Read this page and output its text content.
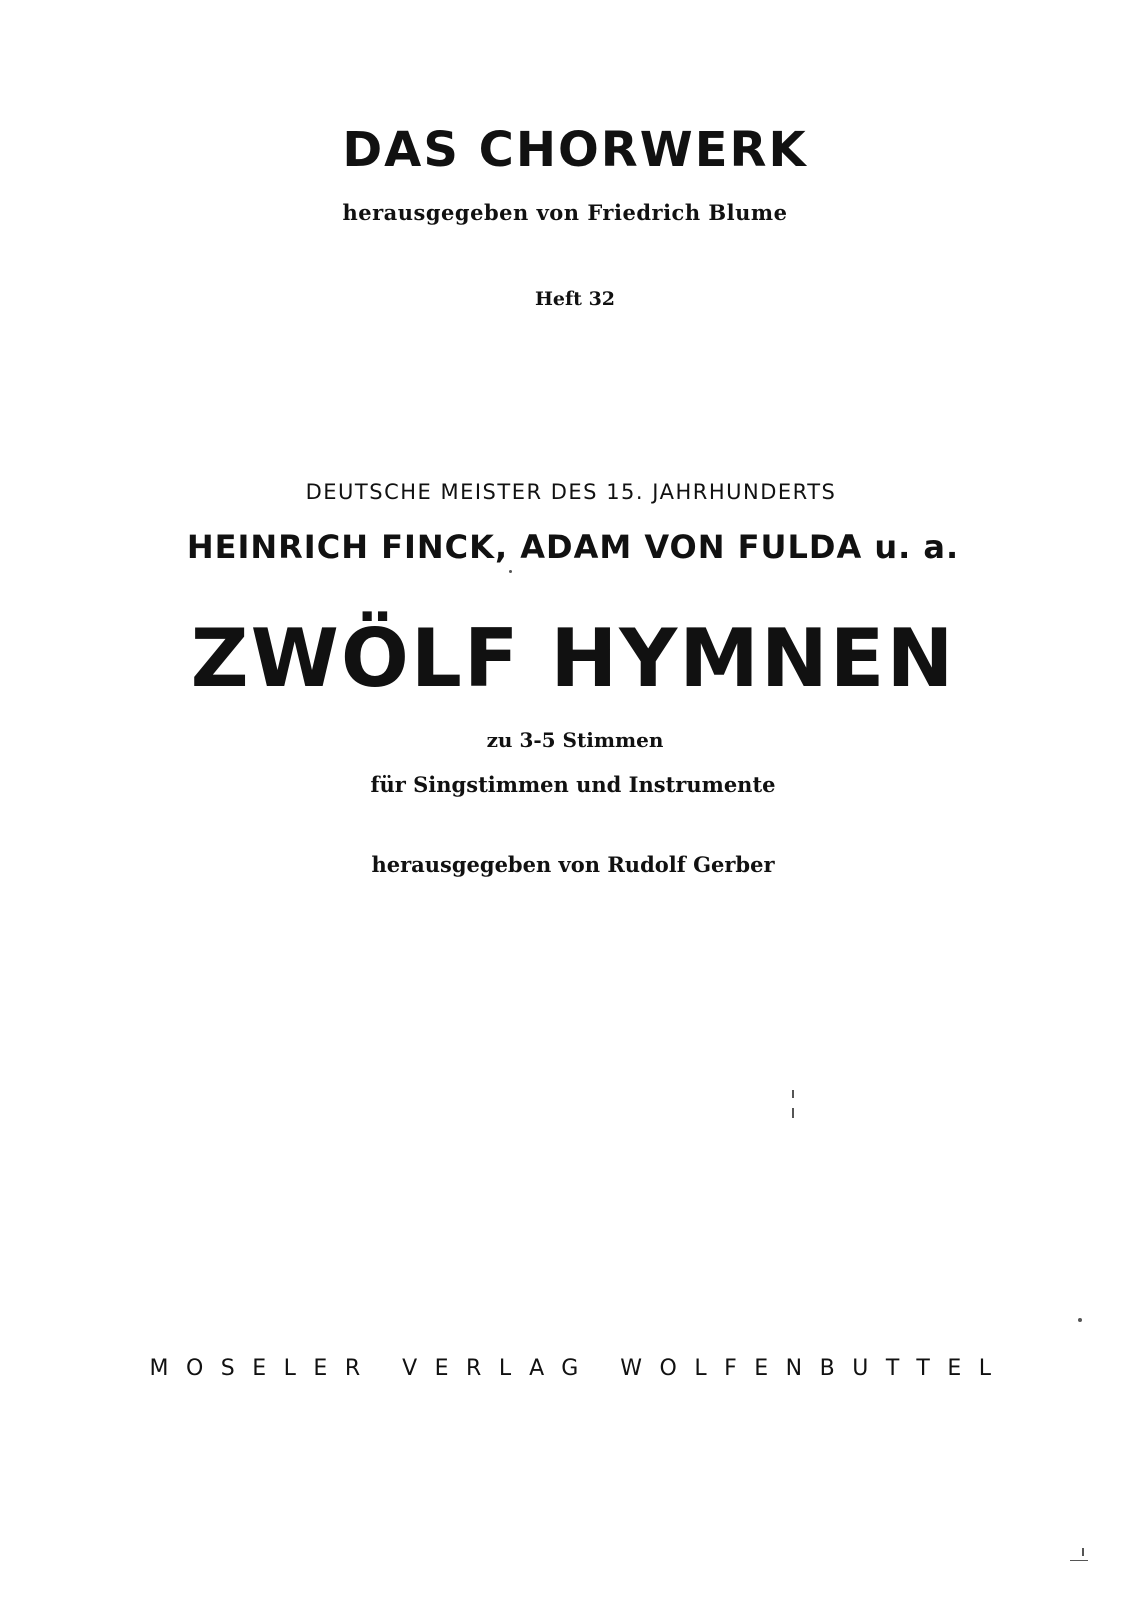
DAS CHORWERK
herausgegeben von Friedrich Blume
Heft 32
DEUTSCHE MEISTER DES 15. JAHRHUNDERTS
HEINRICH FINCK, ADAM VON FULDA u. a.
ZWÖLF HYMNEN
zu 3-5 Stimmen
für Singstimmen und Instrumente
herausgegeben von Rudolf Gerber
MOSELER VERLAG WOLFENBUTTEL
